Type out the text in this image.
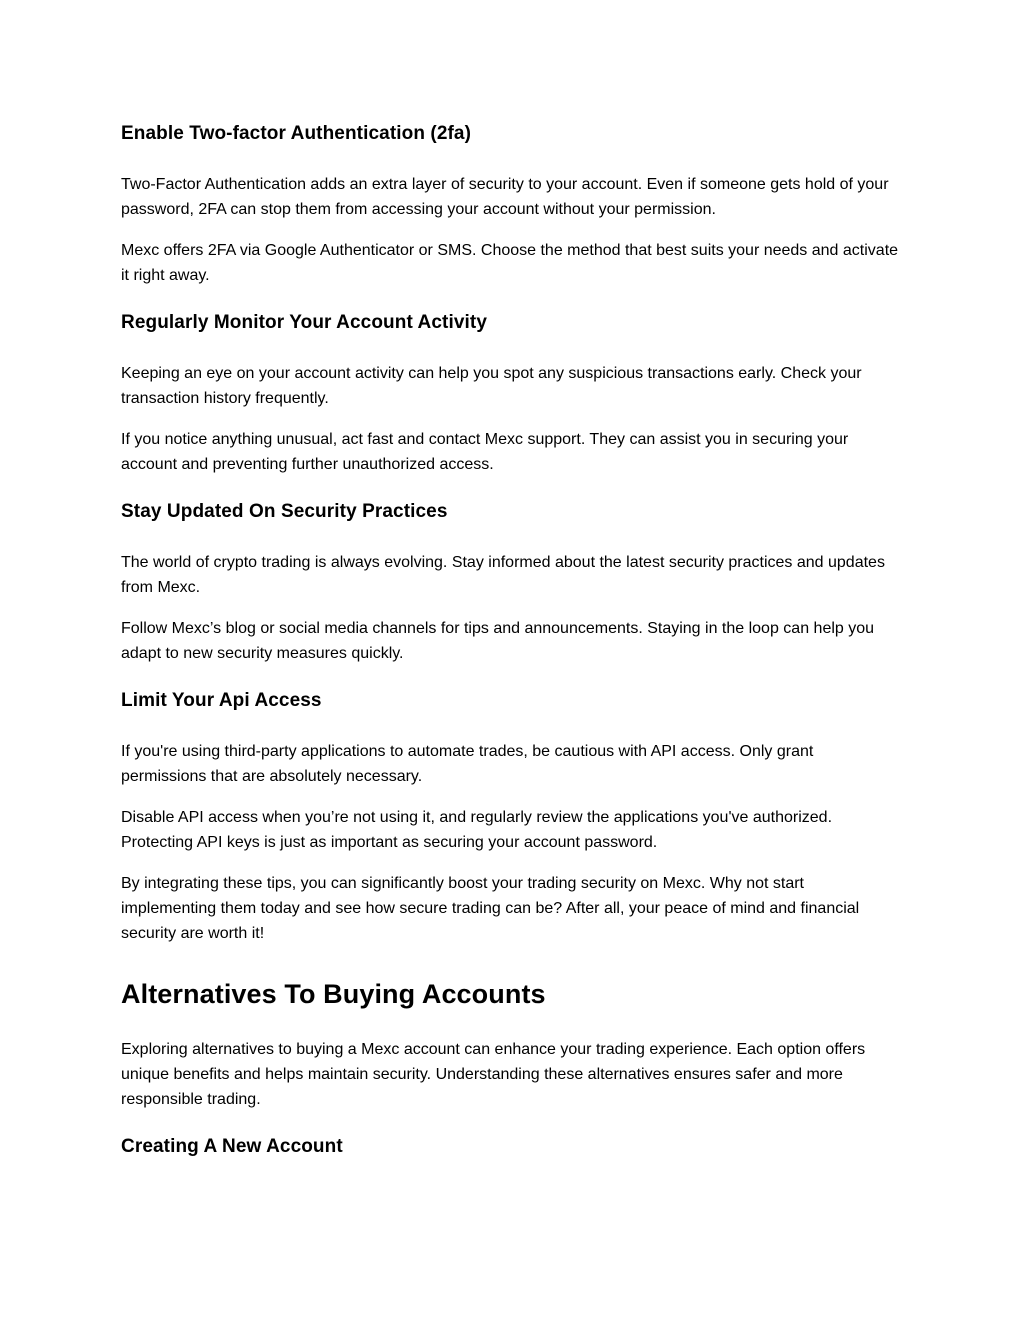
Enable Two-factor Authentication (2fa)
Two-Factor Authentication adds an extra layer of security to your account. Even if someone gets hold of your password, 2FA can stop them from accessing your account without your permission.
Mexc offers 2FA via Google Authenticator or SMS. Choose the method that best suits your needs and activate it right away.
Regularly Monitor Your Account Activity
Keeping an eye on your account activity can help you spot any suspicious transactions early. Check your transaction history frequently.
If you notice anything unusual, act fast and contact Mexc support. They can assist you in securing your account and preventing further unauthorized access.
Stay Updated On Security Practices
The world of crypto trading is always evolving. Stay informed about the latest security practices and updates from Mexc.
Follow Mexc’s blog or social media channels for tips and announcements. Staying in the loop can help you adapt to new security measures quickly.
Limit Your Api Access
If you're using third-party applications to automate trades, be cautious with API access. Only grant permissions that are absolutely necessary.
Disable API access when you’re not using it, and regularly review the applications you've authorized. Protecting API keys is just as important as securing your account password.
By integrating these tips, you can significantly boost your trading security on Mexc. Why not start implementing them today and see how secure trading can be? After all, your peace of mind and financial security are worth it!
Alternatives To Buying Accounts
Exploring alternatives to buying a Mexc account can enhance your trading experience. Each option offers unique benefits and helps maintain security. Understanding these alternatives ensures safer and more responsible trading.
Creating A New Account
